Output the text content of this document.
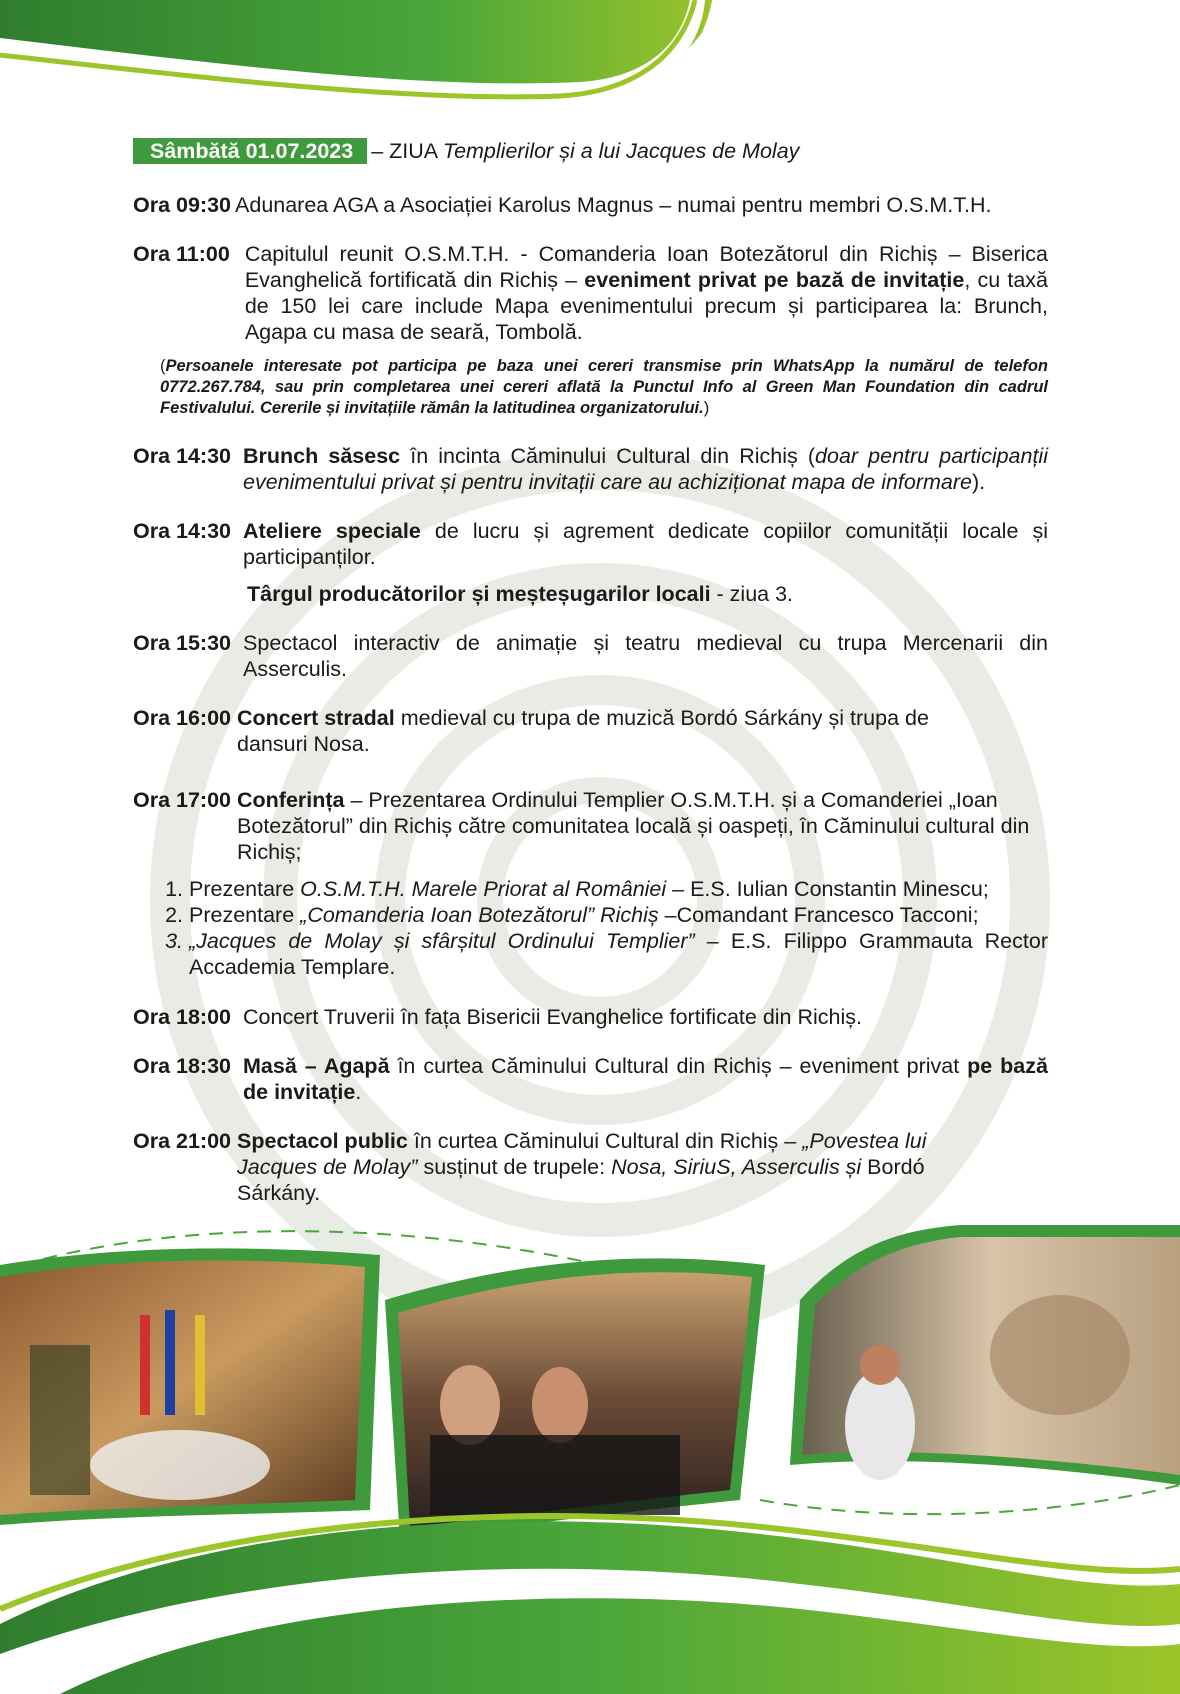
Sâmbătă 01.07.2023 – ZIUA Templierilor și a lui Jacques de Molay
Ora 09:30 Adunarea AGA a Asociației Karolus Magnus – numai pentru membri O.S.M.T.H.
Ora 11:00 Capitulul reunit O.S.M.T.H. - Comanderia Ioan Botezătorul din Richiș – Biserica Evanghelică fortificată din Richiș – eveniment privat pe bază de invitație, cu taxă de 150 lei care include Mapa evenimentului precum și participarea la: Brunch, Agapa cu masa de seară, Tombolă.
(Persoanele interesate pot participa pe baza unei cereri transmise prin WhatsApp la numărul de telefon 0772.267.784, sau prin completarea unei cereri aflată la Punctul Info al Green Man Foundation din cadrul Festivalului. Cererile și invitațiile rămân la latitudinea organizatorului.)
Ora 14:30 Brunch săsesc în incinta Căminului Cultural din Richiș (doar pentru participanții evenimentului privat și pentru invitații care au achiziționat mapa de informare).
Ora 14:30 Ateliere speciale de lucru și agrement dedicate copiilor comunității locale și participanților.
Târgul producătorilor și meșteșugarilor locali - ziua 3.
Ora 15:30 Spectacol interactiv de animație și teatru medieval cu trupa Mercenarii din Asserculis.
Ora 16:00 Concert stradal medieval cu trupa de muzică Bordó Sárkány și trupa de dansuri Nosa.
Ora 17:00 Conferința – Prezentarea Ordinului Templier O.S.M.T.H. și a Comanderiei „Ioan Botezătorul” din Richiș către comunitatea locală și oaspeți, în Căminului cultural din Richiș;
1. Prezentare O.S.M.T.H. Marele Priorat al României – E.S. Iulian Constantin Minescu;
2. Prezentare „Comanderia Ioan Botezătorul” Richiș –Comandant Francesco Tacconi;
3. „Jacques de Molay și sfârșitul Ordinului Templier” – E.S. Filippo Grammauta Rector Accademia Templare.
Ora 18:00 Concert Truverii în fața Bisericii Evanghelice fortificate din Richiș.
Ora 18:30 Masă – Agapă în curtea Căminului Cultural din Richiș – eveniment privat pe bază de invitație.
Ora 21:00 Spectacol public în curtea Căminului Cultural din Richiș – „Povestea lui Jacques de Molay” susținut de trupele: Nosa, SiriuS, Asserculis și Bordó Sárkány.
